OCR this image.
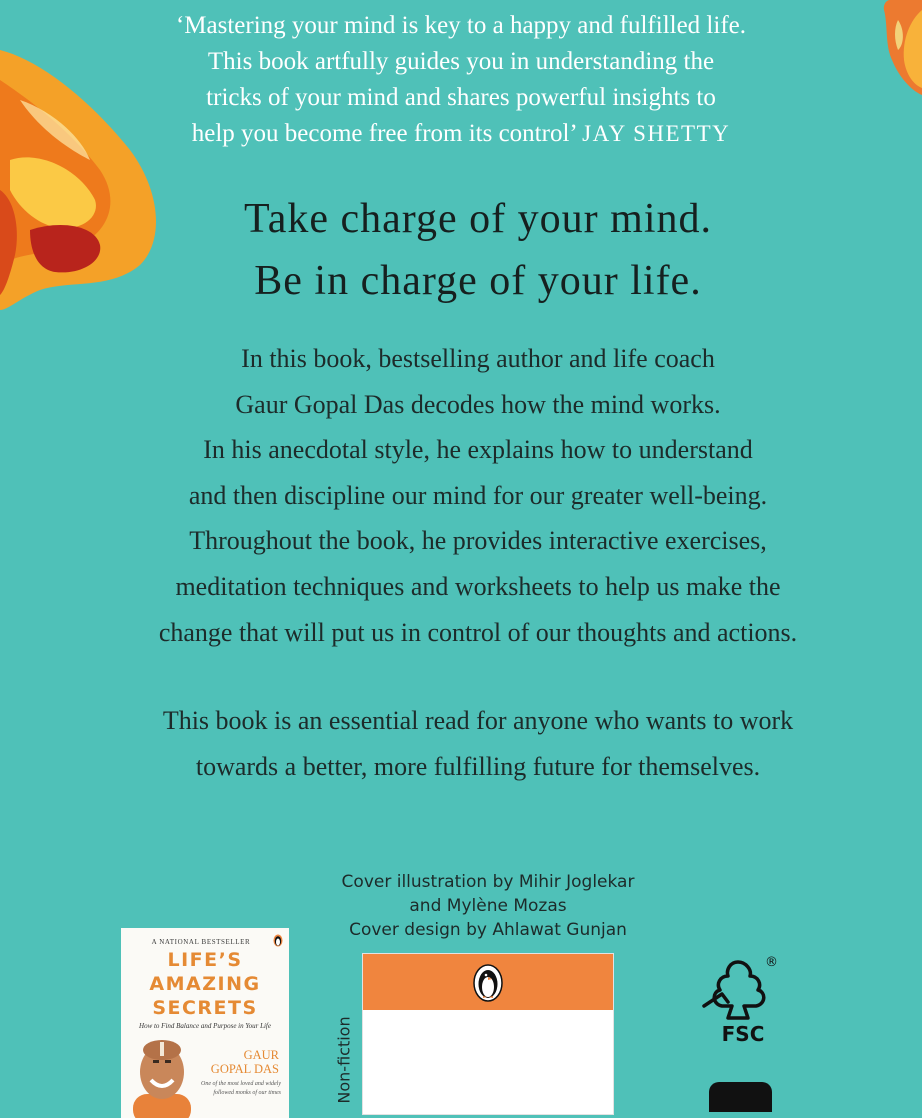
‘Mastering your mind is key to a happy and fulfilled life.
This book artfully guides you in understanding the
tricks of your mind and shares powerful insights to
help you become free from its control’ JAY SHETTY
Take charge of your mind.
Be in charge of your life.
In this book, bestselling author and life coach
Gaur Gopal Das decodes how the mind works.
In his anecdotal style, he explains how to understand
and then discipline our mind for our greater well-being.
Throughout the book, he provides interactive exercises,
meditation techniques and worksheets to help us make the
change that will put us in control of our thoughts and actions.
This book is an essential read for anyone who wants to work
towards a better, more fulfilling future for themselves.
Cover illustration by Mihir Joglekar
and Mylène Mozas
Cover design by Ahlawat Gunjan
A NATIONAL BESTSELLER
LIFE’S
AMAZING
SECRETS
How to Find Balance and Purpose in Your Life
GAUR
GOPAL DAS
One of the most loved and widely
followed monks of our times	Non-fiction
®
FSC
